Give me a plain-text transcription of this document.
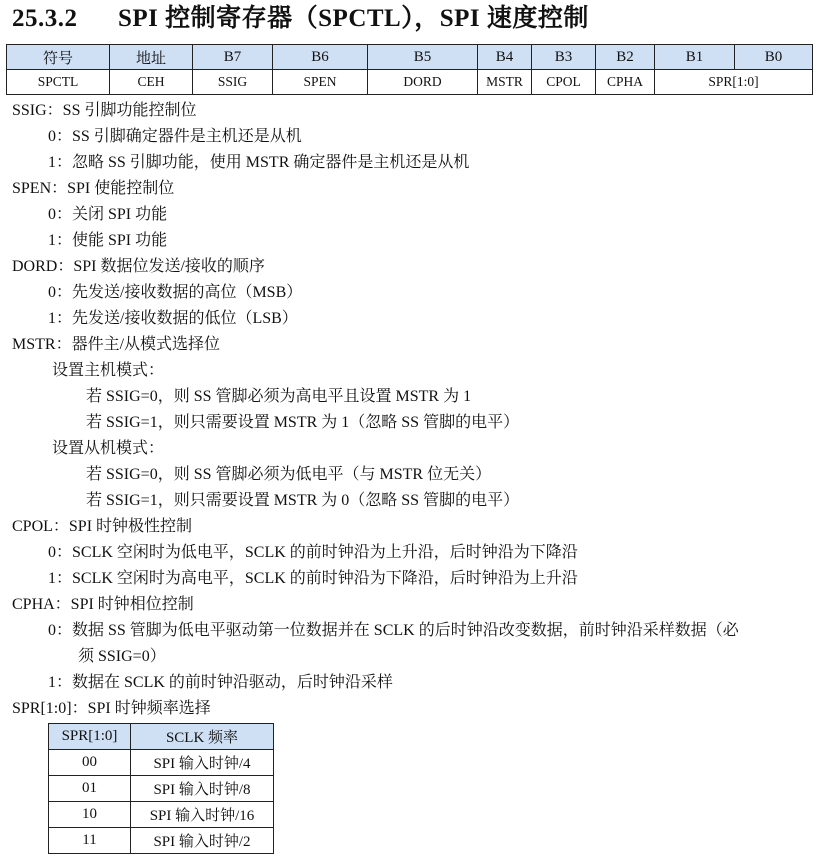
25.3.2 SPI 控制寄存器（SPCTL），SPI 速度控制
符号	地址	B7	B6	B5	B4	B3	B2	B1	B0
SPCTL	CEH	SSIG	SPEN	DORD	MSTR	CPOL	CPHA	SPR[1:0]	
SSIG：SS 引脚功能控制位
0：SS 引脚确定器件是主机还是从机
1：忽略 SS 引脚功能，使用 MSTR 确定器件是主机还是从机
SPEN：SPI 使能控制位
0：关闭 SPI 功能
1：使能 SPI 功能
DORD：SPI 数据位发送/接收的顺序
0：先发送/接收数据的高位（MSB）
1：先发送/接收数据的低位（LSB）
MSTR：器件主/从模式选择位
设置主机模式：
若 SSIG=0，则 SS 管脚必须为高电平且设置 MSTR 为 1
若 SSIG=1，则只需要设置 MSTR 为 1（忽略 SS 管脚的电平）
设置从机模式：
若 SSIG=0，则 SS 管脚必须为低电平（与 MSTR 位无关）
若 SSIG=1，则只需要设置 MSTR 为 0（忽略 SS 管脚的电平）
CPOL：SPI 时钟极性控制
0：SCLK 空闲时为低电平，SCLK 的前时钟沿为上升沿，后时钟沿为下降沿
1：SCLK 空闲时为高电平，SCLK 的前时钟沿为下降沿，后时钟沿为上升沿
CPHA：SPI 时钟相位控制
0：数据 SS 管脚为低电平驱动第一位数据并在 SCLK 的后时钟沿改变数据，前时钟沿采样数据（必
须 SSIG=0）
1：数据在 SCLK 的前时钟沿驱动，后时钟沿采样
SPR[1:0]：SPI 时钟频率选择
SPR[1:0]	SCLK 频率
00	SPI 输入时钟/4
01	SPI 输入时钟/8
10	SPI 输入时钟/16
11	SPI 输入时钟/2
